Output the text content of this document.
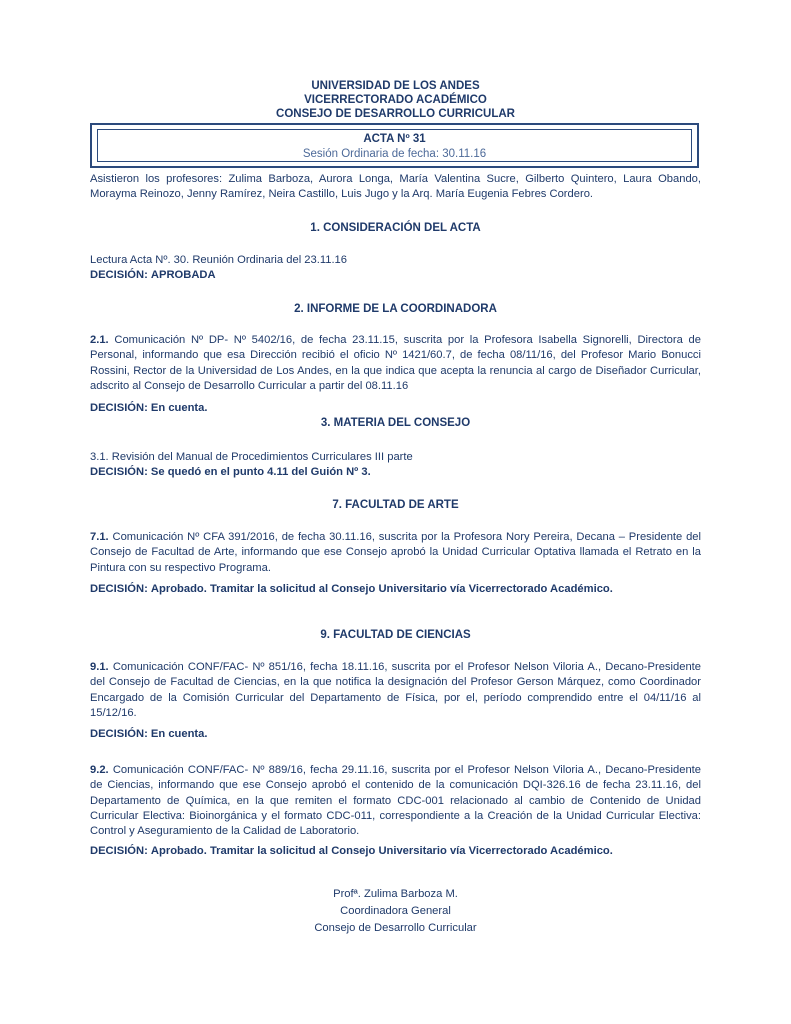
UNIVERSIDAD DE LOS ANDES
VICERRECTORADO ACADÉMICO
CONSEJO DE DESARROLLO CURRICULAR
ACTA Nº 31
Sesión Ordinaria de fecha: 30.11.16
Asistieron los profesores: Zulima Barboza, Aurora Longa, María Valentina Sucre, Gilberto Quintero, Laura Obando, Morayma Reinozo, Jenny Ramírez, Neira Castillo, Luis Jugo y la Arq. María Eugenia Febres Cordero.
1. CONSIDERACIÓN DEL ACTA
Lectura Acta Nº. 30. Reunión Ordinaria del 23.11.16
DECISIÓN: APROBADA
2. INFORME DE LA COORDINADORA
2.1. Comunicación Nº DP- Nº 5402/16, de fecha 23.11.15, suscrita por la Profesora Isabella Signorelli, Directora de Personal, informando que esa Dirección recibió el oficio Nº 1421/60.7, de fecha 08/11/16, del Profesor Mario Bonucci Rossini, Rector de la Universidad de Los Andes, en la que indica que acepta la renuncia al cargo de Diseñador Curricular, adscrito al Consejo de Desarrollo Curricular a partir del 08.11.16
DECISIÓN: En cuenta.
3. MATERIA DEL CONSEJO
3.1. Revisión del Manual de Procedimientos Curriculares III parte
DECISIÓN: Se quedó en el punto 4.11 del Guión Nº 3.
7. FACULTAD DE ARTE
7.1. Comunicación Nº CFA 391/2016, de fecha 30.11.16, suscrita por la Profesora Nory Pereira, Decana – Presidente del Consejo de Facultad de Arte, informando que ese Consejo aprobó la Unidad Curricular Optativa llamada el Retrato en la Pintura con su respectivo Programa.
DECISIÓN: Aprobado. Tramitar la solicitud al Consejo Universitario vía Vicerrectorado Académico.
9. FACULTAD DE CIENCIAS
9.1. Comunicación CONF/FAC- Nº 851/16, fecha 18.11.16, suscrita por el Profesor Nelson Viloria A., Decano-Presidente del Consejo de Facultad de Ciencias, en la que notifica la designación del Profesor Gerson Márquez, como Coordinador Encargado de la Comisión Curricular del Departamento de Física, por el, período comprendido entre el 04/11/16 al 15/12/16.
DECISIÓN: En cuenta.
9.2. Comunicación CONF/FAC- Nº 889/16, fecha 29.11.16, suscrita por el Profesor Nelson Viloria A., Decano-Presidente de Ciencias, informando que ese Consejo aprobó el contenido de la comunicación DQI-326.16 de fecha 23.11.16, del Departamento de Química, en la que remiten el formato CDC-001 relacionado al cambio de Contenido de Unidad Curricular Electiva: Bioinorgánica y el formato CDC-011, correspondiente a la Creación de la Unidad Curricular Electiva: Control y Aseguramiento de la Calidad de Laboratorio.
DECISIÓN: Aprobado. Tramitar la solicitud al Consejo Universitario vía Vicerrectorado Académico.
Profª. Zulima Barboza M.
Coordinadora General
Consejo de Desarrollo Curricular
